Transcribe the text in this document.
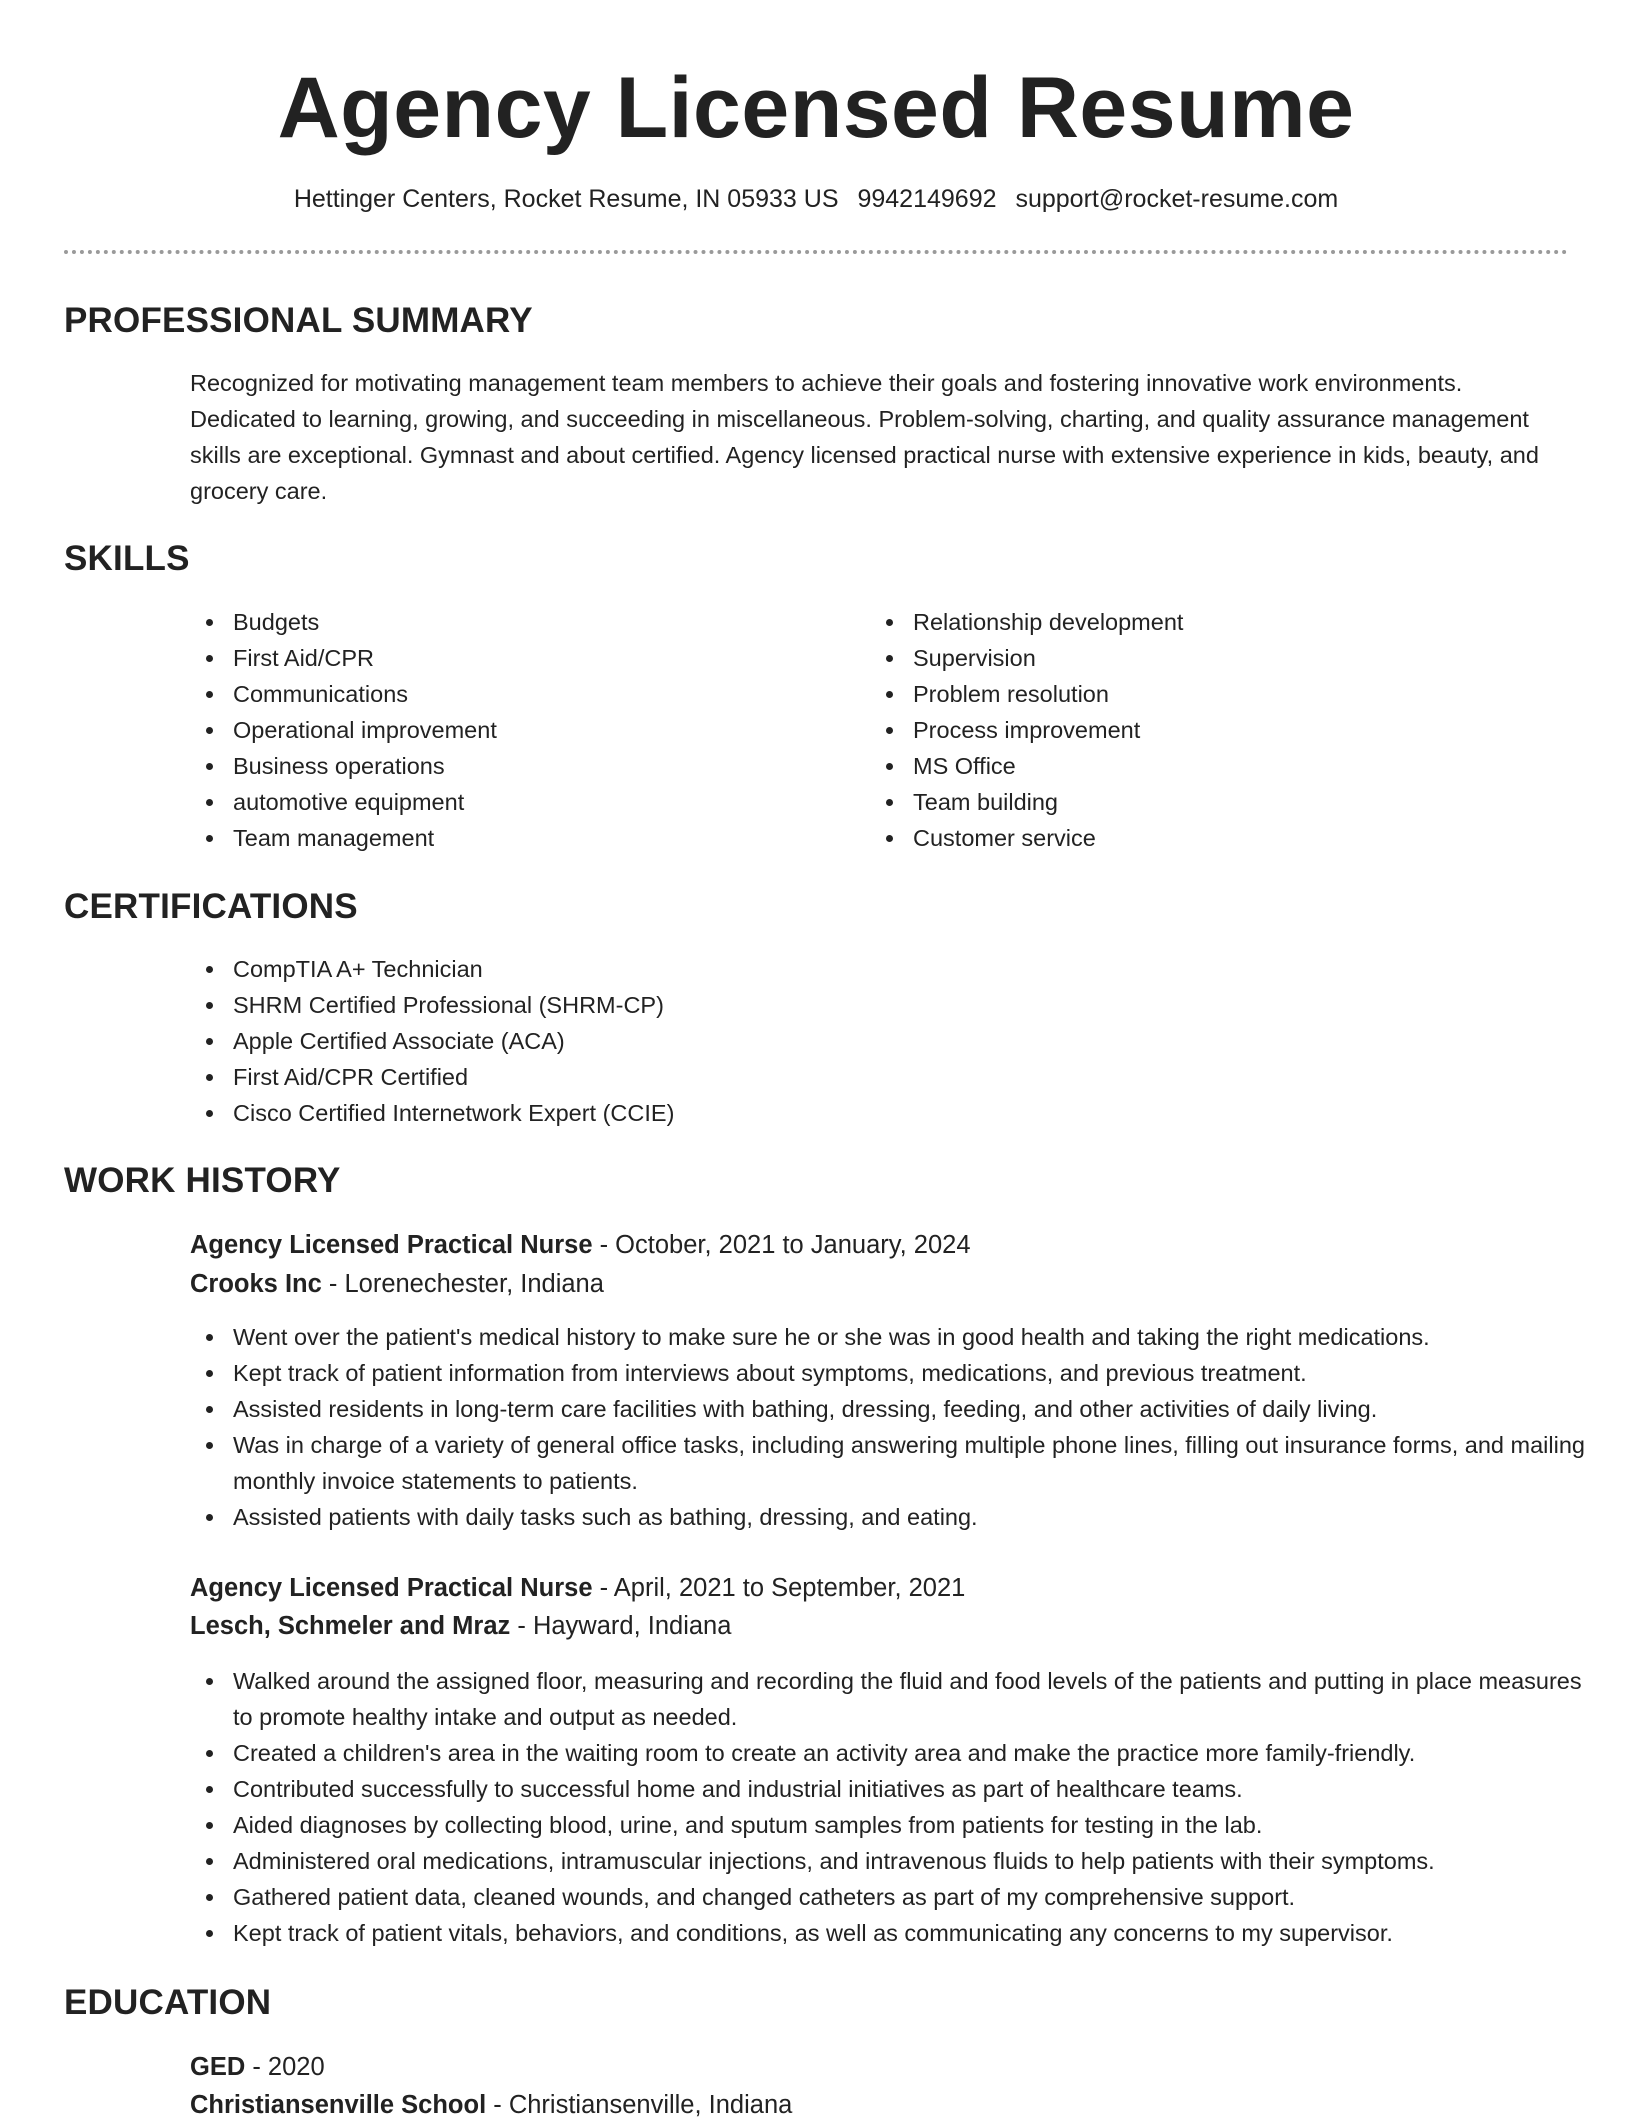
Agency Licensed Resume
Hettinger Centers, Rocket Resume, IN 05933 US 9942149692 support@rocket-resume.com
PROFESSIONAL SUMMARY

Recognized for motivating management team members to achieve their goals and fostering innovative work environments. Dedicated to learning, growing, and succeeding in miscellaneous. Problem-solving, charting, and quality assurance management skills are exceptional. Gymnast and about certified. Agency licensed practical nurse with extensive experience in kids, beauty, and grocery care.

SKILLS
Budgets
First Aid/CPR
Communications
Operational improvement
Business operations
automotive equipment
Team management
Relationship development
Supervision
Problem resolution
Process improvement
MS Office
Team building
Customer service
CERTIFICATIONS
CompTIA A+ Technician
SHRM Certified Professional (SHRM-CP)
Apple Certified Associate (ACA)
First Aid/CPR Certified
Cisco Certified Internetwork Expert (CCIE)
WORK HISTORY
Agency Licensed Practical Nurse - October, 2021 to January, 2024
Crooks Inc - Lorenechester, Indiana
Went over the patient's medical history to make sure he or she was in good health and taking the right medications.
Kept track of patient information from interviews about symptoms, medications, and previous treatment.
Assisted residents in long-term care facilities with bathing, dressing, feeding, and other activities of daily living.
Was in charge of a variety of general office tasks, including answering multiple phone lines, filling out insurance forms, and mailing monthly invoice statements to patients.
Assisted patients with daily tasks such as bathing, dressing, and eating.
Agency Licensed Practical Nurse - April, 2021 to September, 2021
Lesch, Schmeler and Mraz - Hayward, Indiana
Walked around the assigned floor, measuring and recording the fluid and food levels of the patients and putting in place measures to promote healthy intake and output as needed.
Created a children's area in the waiting room to create an activity area and make the practice more family-friendly.
Contributed successfully to successful home and industrial initiatives as part of healthcare teams.
Aided diagnoses by collecting blood, urine, and sputum samples from patients for testing in the lab.
Administered oral medications, intramuscular injections, and intravenous fluids to help patients with their symptoms.
Gathered patient data, cleaned wounds, and changed catheters as part of my comprehensive support.
Kept track of patient vitals, behaviors, and conditions, as well as communicating any concerns to my supervisor.
EDUCATION
GED - 2020
Christiansenville School - Christiansenville, Indiana
